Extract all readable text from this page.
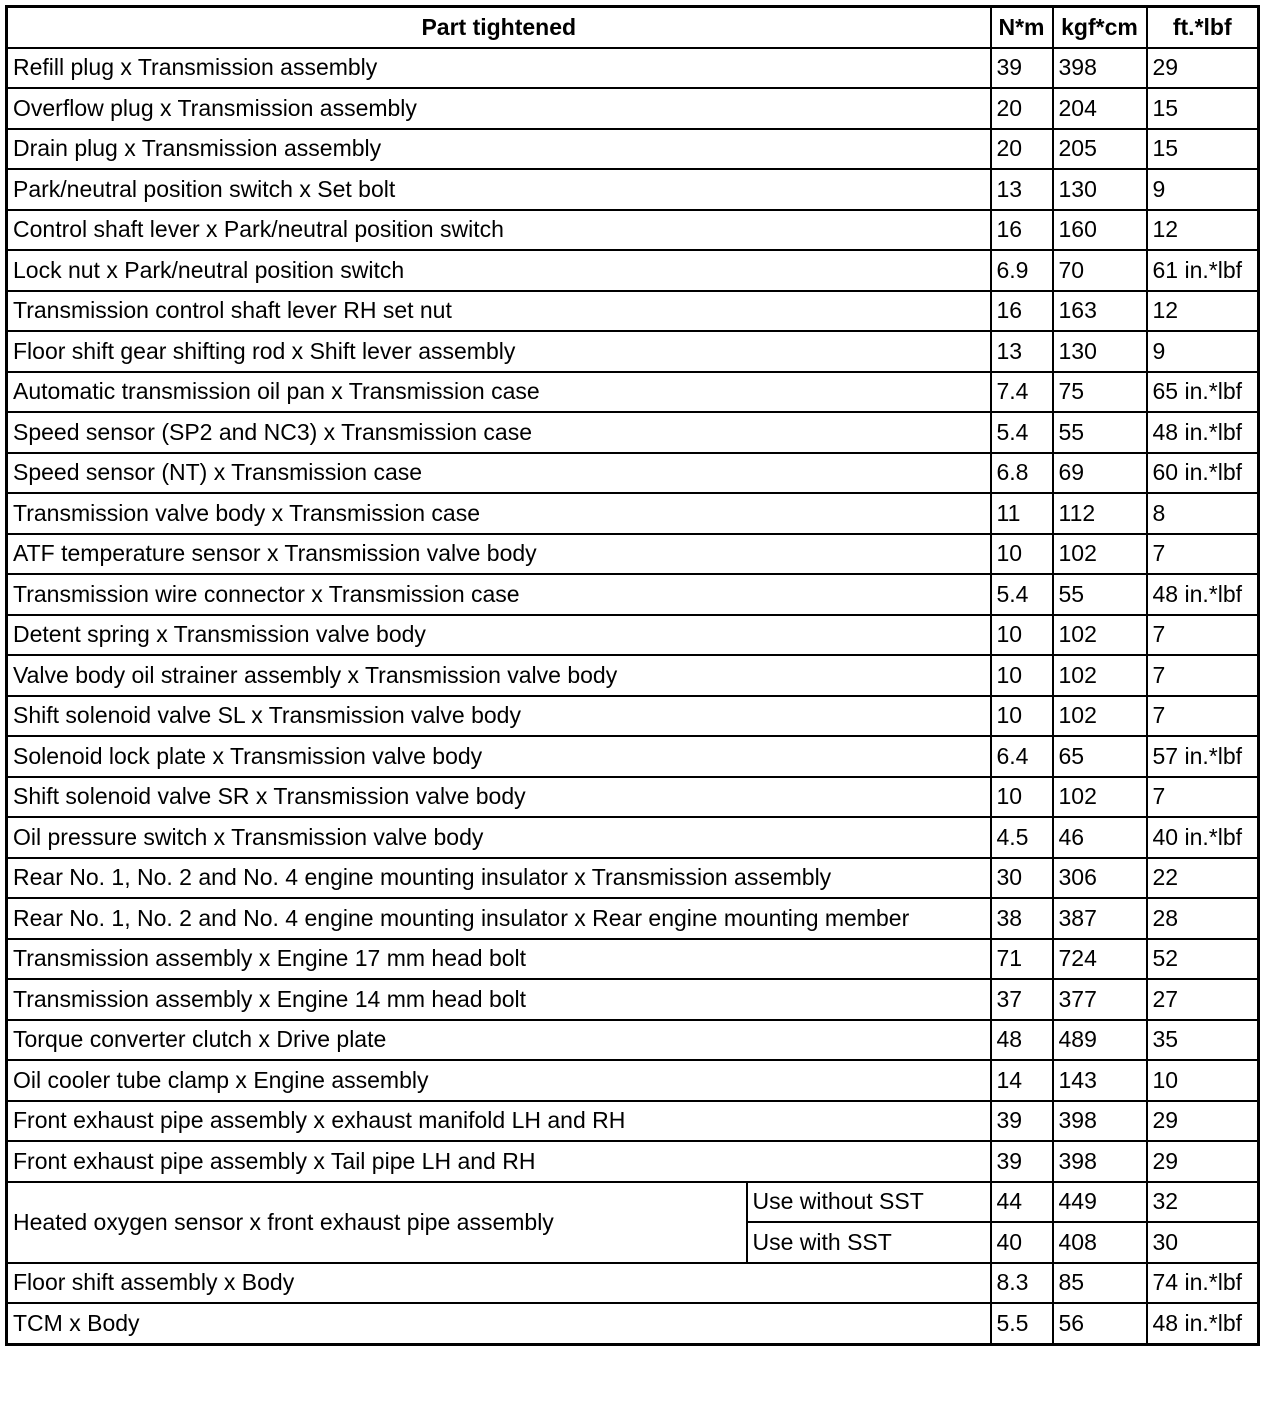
Part tightened		N*m	kgf*cm	ft.*lbf
Refill plug x Transmission assembly		39	398	29
Overflow plug x Transmission assembly		20	204	15
Drain plug x Transmission assembly		20	205	15
Park/neutral position switch x Set bolt		13	130	9
Control shaft lever x Park/neutral position switch		16	160	12
Lock nut x Park/neutral position switch		6.9	70	61 in.*lbf
Transmission control shaft lever RH set nut		16	163	12
Floor shift gear shifting rod x Shift lever assembly		13	130	9
Automatic transmission oil pan x Transmission case		7.4	75	65 in.*lbf
Speed sensor (SP2 and NC3) x Transmission case		5.4	55	48 in.*lbf
Speed sensor (NT) x Transmission case		6.8	69	60 in.*lbf
Transmission valve body x Transmission case		11	112	8
ATF temperature sensor x Transmission valve body		10	102	7
Transmission wire connector x Transmission case		5.4	55	48 in.*lbf
Detent spring x Transmission valve body		10	102	7
Valve body oil strainer assembly x Transmission valve body		10	102	7
Shift solenoid valve SL x Transmission valve body		10	102	7
Solenoid lock plate x Transmission valve body		6.4	65	57 in.*lbf
Shift solenoid valve SR x Transmission valve body		10	102	7
Oil pressure switch x Transmission valve body		4.5	46	40 in.*lbf
Rear No. 1, No. 2 and No. 4 engine mounting insulator x Transmission assembly		30	306	22
Rear No. 1, No. 2 and No. 4 engine mounting insulator x Rear engine mounting member		38	387	28
Transmission assembly x Engine 17 mm head bolt		71	724	52
Transmission assembly x Engine 14 mm head bolt		37	377	27
Torque converter clutch x Drive plate		48	489	35
Oil cooler tube clamp x Engine assembly		14	143	10
Front exhaust pipe assembly x exhaust manifold LH and RH		39	398	29
Front exhaust pipe assembly x Tail pipe LH and RH		39	398	29
Heated oxygen sensor x front exhaust pipe assembly	Use without SST	44	449	32
	Use with SST	40	408	30
Floor shift assembly x Body		8.3	85	74 in.*lbf
TCM x Body		5.5	56	48 in.*lbf
